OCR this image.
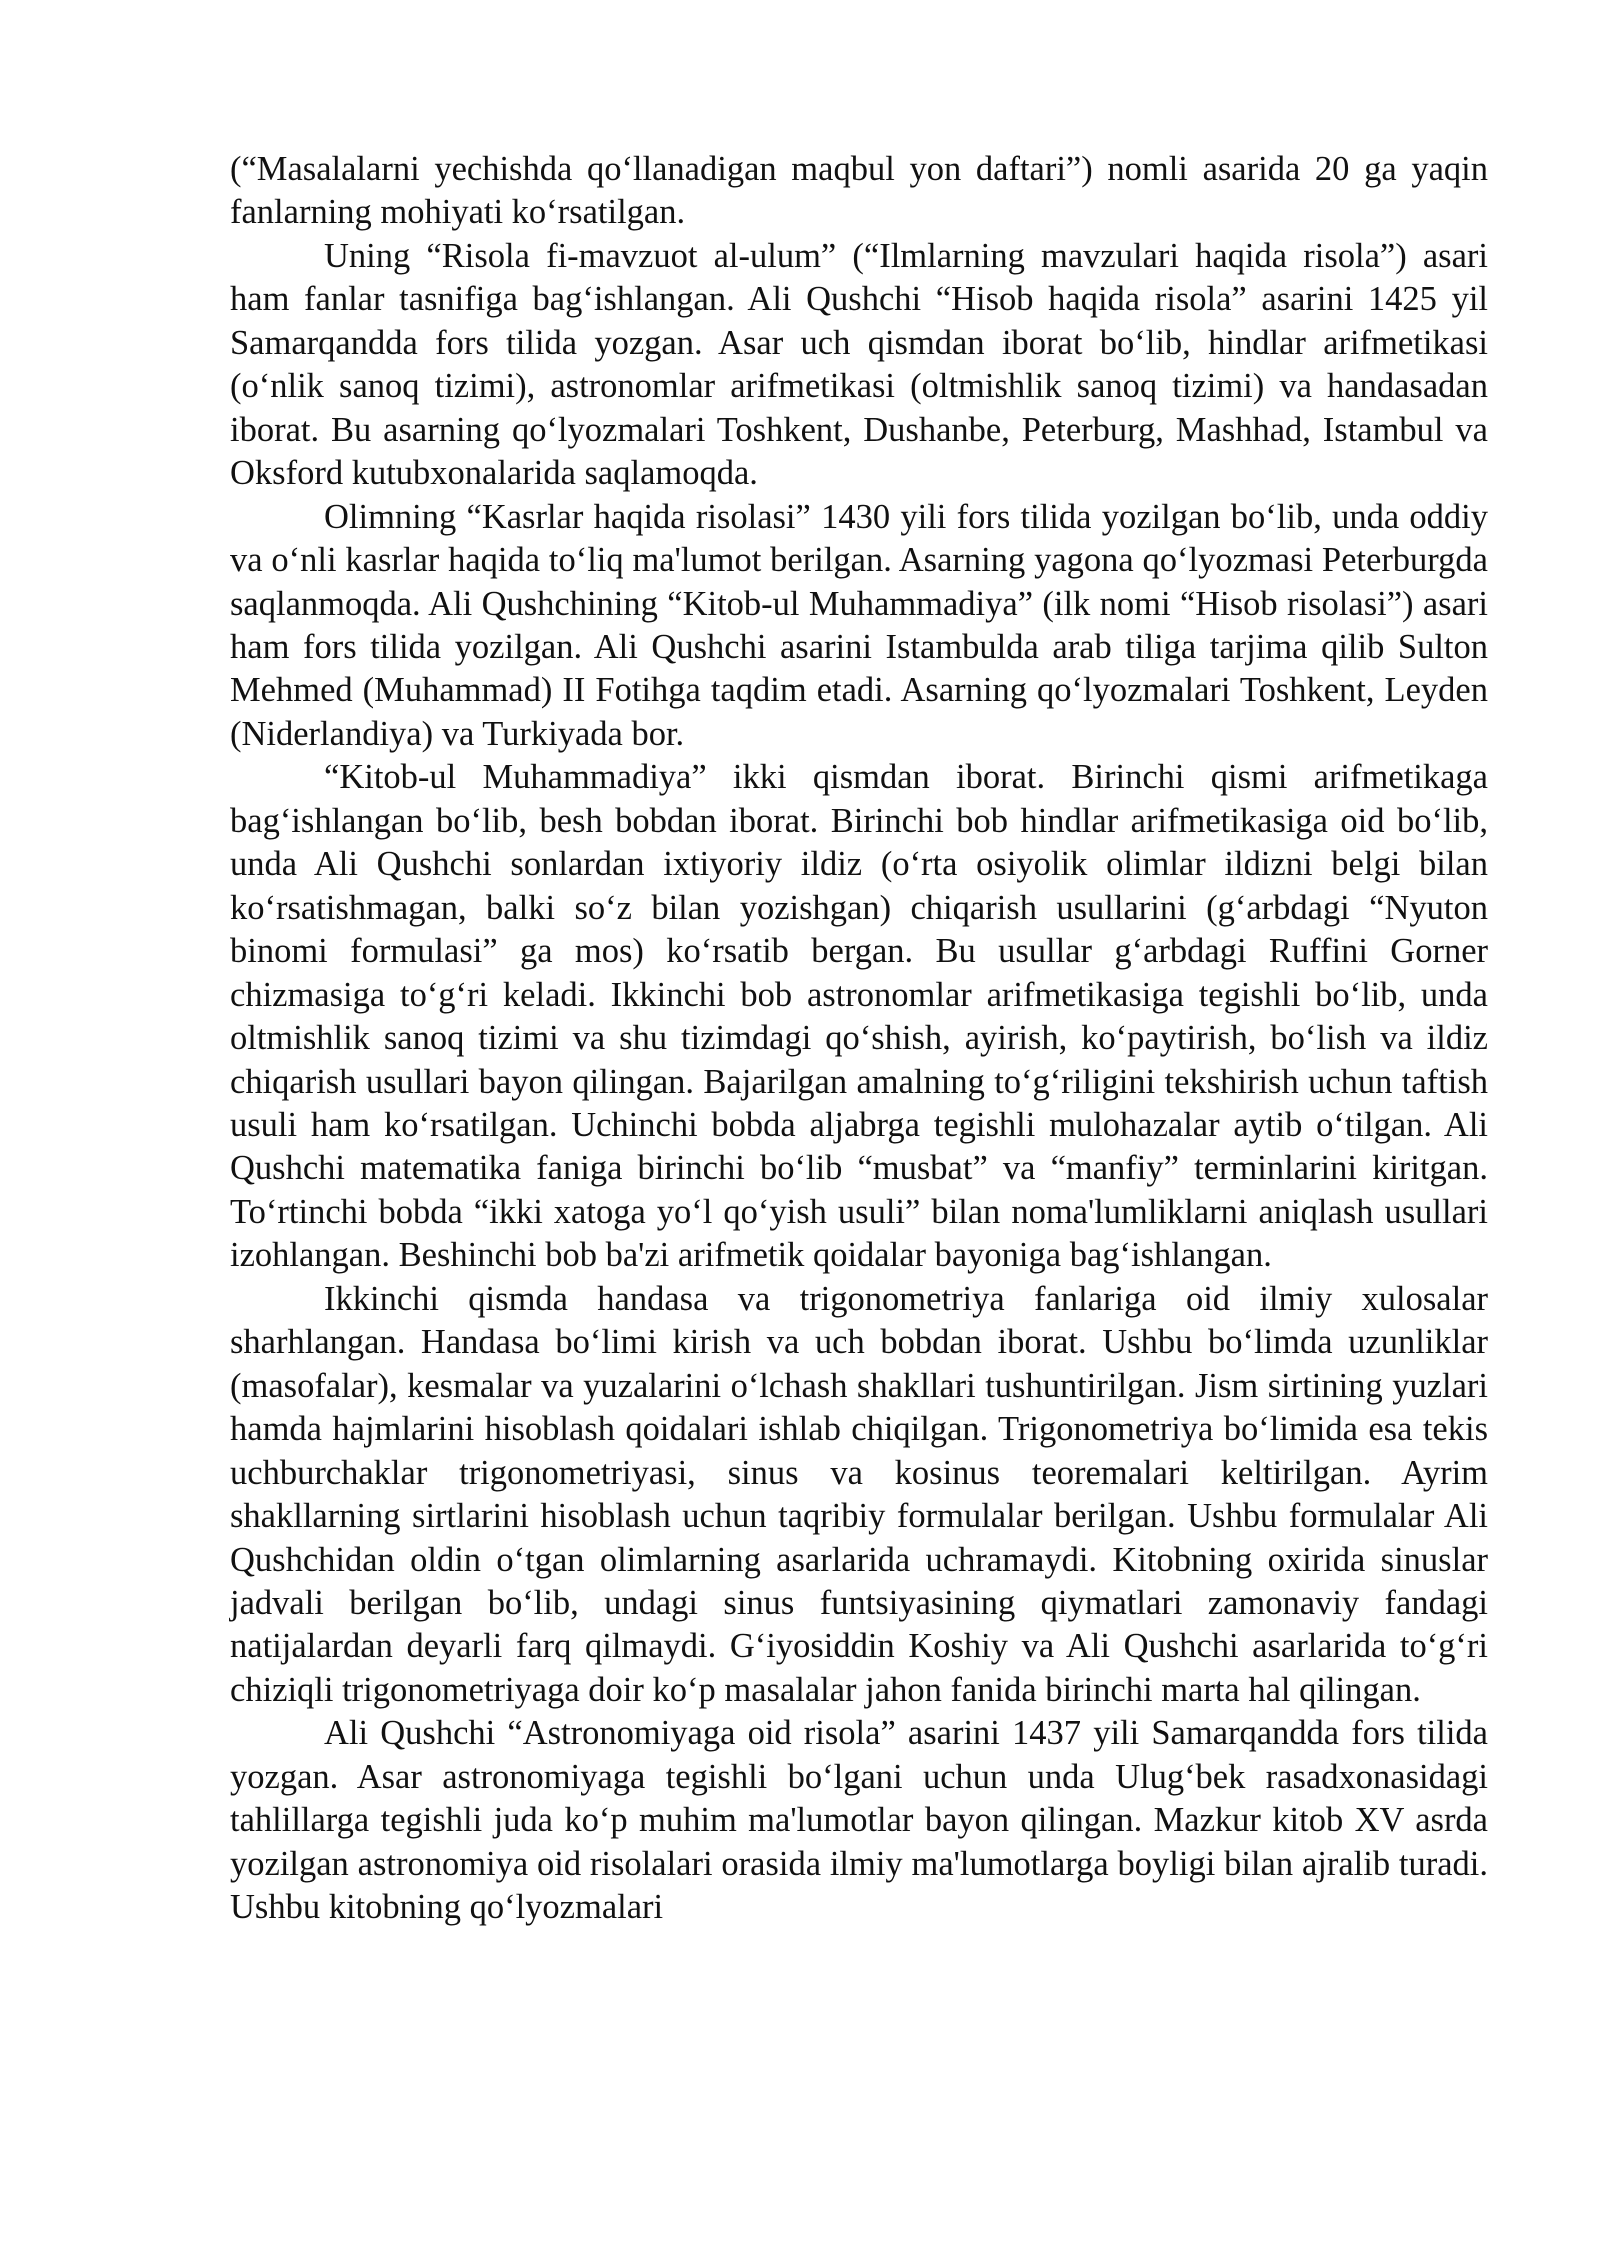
(“Masalalarni yechishda qo‘llanadigan maqbul yon daftari”) nomli asarida 20 ga yaqin fanlarning mohiyati ko‘rsatilgan.

Uning “Risola fi-mavzuot al-ulum” (“Ilmlarning mavzulari haqida risola”) asari ham fanlar tasnifiga bag‘ishlangan. Ali Qushchi “Hisob haqida risola” asarini 1425 yil Samarqandda fors tilida yozgan. Asar uch qismdan iborat bo‘lib, hindlar arifmetikasi (o‘nlik sanoq tizimi), astronomlar arifmetikasi (oltmishlik sanoq tizimi) va handasadan iborat. Bu asarning qo‘lyozmalari Toshkent, Dushanbe, Peterburg, Mashhad, Istambul va Oksford kutubxonalarida saqlamoqda.

Olimning “Kasrlar haqida risolasi” 1430 yili fors tilida yozilgan bo‘lib, unda oddiy va o‘nli kasrlar haqida to‘liq ma'lumot berilgan. Asarning yagona qo‘lyozmasi Peterburgda saqlanmoqda. Ali Qushchining “Kitob-ul Muhammadiya” (ilk nomi “Hisob risolasi”) asari ham fors tilida yozilgan. Ali Qushchi asarini Istambulda arab tiliga tarjima qilib Sulton Mehmed (Muhammad) II Fotihga taqdim etadi. Asarning qo‘lyozmalari Toshkent, Leyden (Niderlandiya) va Turkiyada bor.

“Kitob-ul Muhammadiya” ikki qismdan iborat. Birinchi qismi arifmetikaga bag‘ishlangan bo‘lib, besh bobdan iborat. Birinchi bob hindlar arifmetikasiga oid bo‘lib, unda Ali Qushchi sonlardan ixtiyoriy ildiz (o‘rta osiyolik olimlar ildizni belgi bilan ko‘rsatishmagan, balki so‘z bilan yozishgan) chiqarish usullarini (g‘arbdagi “Nyuton binomi formulasi” ga mos) ko‘rsatib bergan. Bu usullar g‘arbdagi Ruffini Gorner chizmasiga to‘g‘ri keladi. Ikkinchi bob astronomlar arifmetikasiga tegishli bo‘lib, unda oltmishlik sanoq tizimi va shu tizimdagi qo‘shish, ayirish, ko‘paytirish, bo‘lish va ildiz chiqarish usullari bayon qilingan. Bajarilgan amalning to‘g‘riligini tekshirish uchun taftish usuli ham ko‘rsatilgan. Uchinchi bobda aljabrga tegishli mulohazalar aytib o‘tilgan. Ali Qushchi matematika faniga birinchi bo‘lib “musbat” va “manfiy” terminlarini kiritgan. To‘rtinchi bobda “ikki xatoga yo‘l qo‘yish usuli” bilan noma'lumliklarni aniqlash usullari izohlangan. Beshinchi bob ba'zi arifmetik qoidalar bayoniga bag‘ishlangan.

Ikkinchi qismda handasa va trigonometriya fanlariga oid ilmiy xulosalar sharhlangan. Handasa bo‘limi kirish va uch bobdan iborat. Ushbu bo‘limda uzunliklar (masofalar), kesmalar va yuzalarini o‘lchash shakllari tushuntirilgan. Jism sirtining yuzlari hamda hajmlarini hisoblash qoidalari ishlab chiqilgan. Trigonometriya bo‘limida esa tekis uchburchaklar trigonometriyasi, sinus va kosinus teoremalari keltirilgan. Ayrim shakllarning sirtlarini hisoblash uchun taqribiy formulalar berilgan. Ushbu formulalar Ali Qushchidan oldin o‘tgan olimlarning asarlarida uchramaydi. Kitobning oxirida sinuslar jadvali berilgan bo‘lib, undagi sinus funtsiyasining qiymatlari zamonaviy fandagi natijalardan deyarli farq qilmaydi. G‘iyosiddin Koshiy va Ali Qushchi asarlarida to‘g‘ri chiziqli trigonometriyaga doir ko‘p masalalar jahon fanida birinchi marta hal qilingan.

Ali Qushchi “Astronomiyaga oid risola” asarini 1437 yili Samarqandda fors tilida yozgan. Asar astronomiyaga tegishli bo‘lgani uchun unda Ulug‘bek rasadxonasidagi tahlillarga tegishli juda ko‘p muhim ma'lumotlar bayon qilingan. Mazkur kitob XV asrda yozilgan astronomiya oid risolalari orasida ilmiy ma'lumotlarga boyligi bilan ajralib turadi. Ushbu kitobning qo‘lyozmalari
